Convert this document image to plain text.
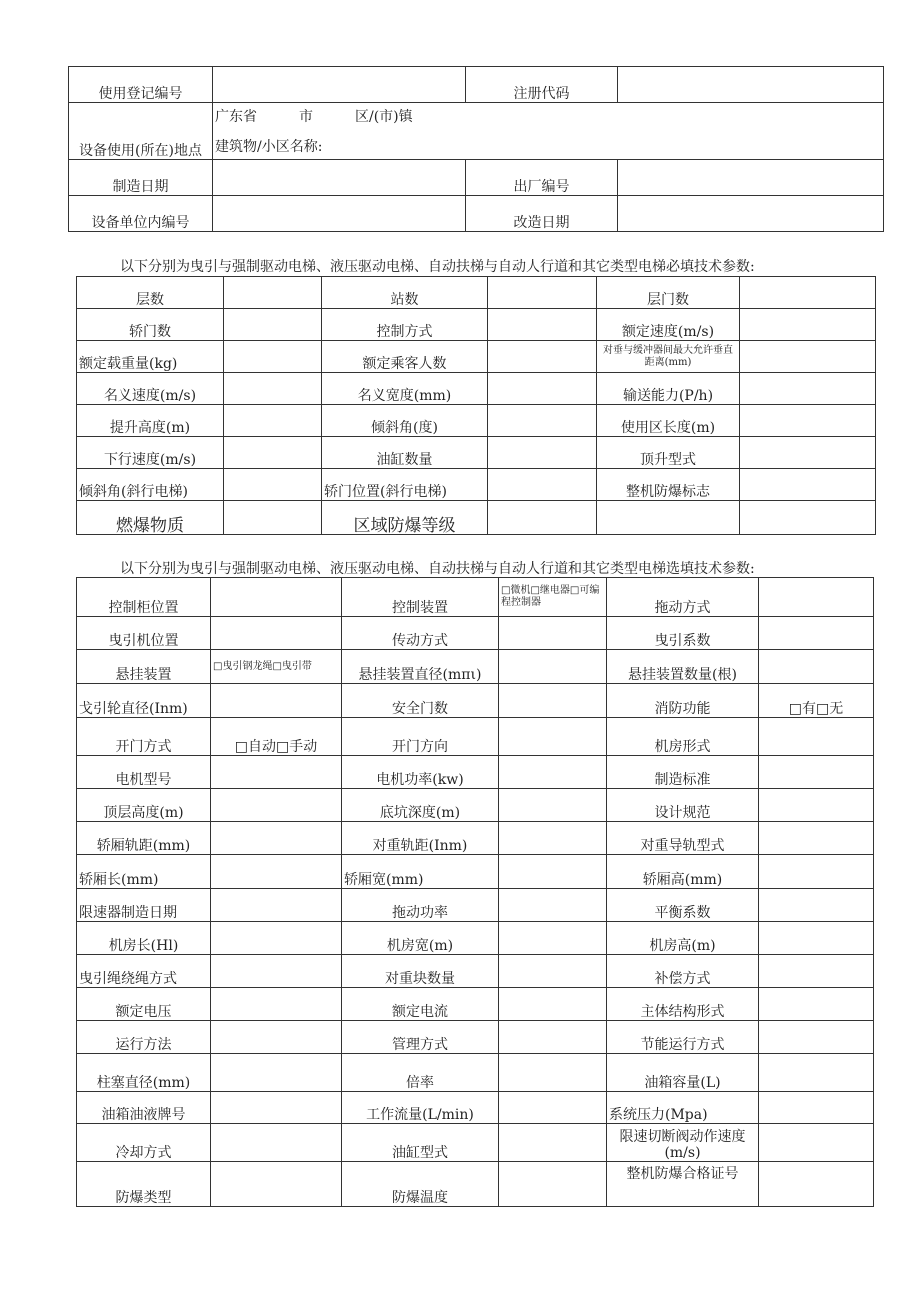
使用登记编号		注册代码	
设备使用(所在)地点	广东省　　　市　　　区/(市)镇
建筑物/小区名称:		

制造日期		出厂编号	
设备单位内编号		改造日期	
以下分别为曳引与强制驱动电梯、液压驱动电梯、自动扶梯与自动人行道和其它类型电梯必填技术参数:
层数		站数		层门数	
轿门数		控制方式		额定速度(m/s)	
额定载重量(kg)		额定乘客人数		对垂与缓冲器间最大允许垂直距离(mm)	
名义速度(m/s)		名义宽度(mm)		输送能力(P/h)	
提升高度(m)		倾斜角(度)		使用区长度(m)	
下行速度(m/s)		油缸数量		顶升型式	
倾斜角(斜行电梯)		轿门位置(斜行电梯)		整机防爆标志	
燃爆物质		区域防爆等级			
以下分别为曳引与强制驱动电梯、液压驱动电梯、自动扶梯与自动人行道和其它类型电梯选填技术参数:
控制柜位置		控制装置	□微机□继电器□可编程控制器	拖动方式	
曳引机位置		传动方式		曳引系数	
悬挂装置	□曳引钢龙绳□曳引带	悬挂装置直径(mπι)		悬挂装置数量(根)	
戈引轮直径(Inm)		安全门数		消防功能	□有□无
开门方式	□自动□手动	开门方向		机房形式	
电机型号		电机功率(kw)		制造标准	
顶层高度(m)		底坑深度(m)		设计规范	
轿厢轨距(mm)		对重轨距(Inm)		对重导轨型式	
轿厢长(mm)		轿厢宽(mm)		轿厢高(mm)	
限速器制造日期		拖动功率		平衡系数	
机房长(Hl)		机房宽(m)		机房高(m)	
曳引绳绕绳方式		对重块数量		补偿方式	
额定电压		额定电流		主体结构形式	
运行方法		管理方式		节能运行方式	
柱塞直径(mm)		倍率		油箱容量(L)	
油箱油液牌号		工作流量(L/min)		系统压力(Mpa)	
冷却方式		油缸型式		限速切断阀动作速度(m/s)	
防爆类型		防爆温度		整机防爆合格证号	
